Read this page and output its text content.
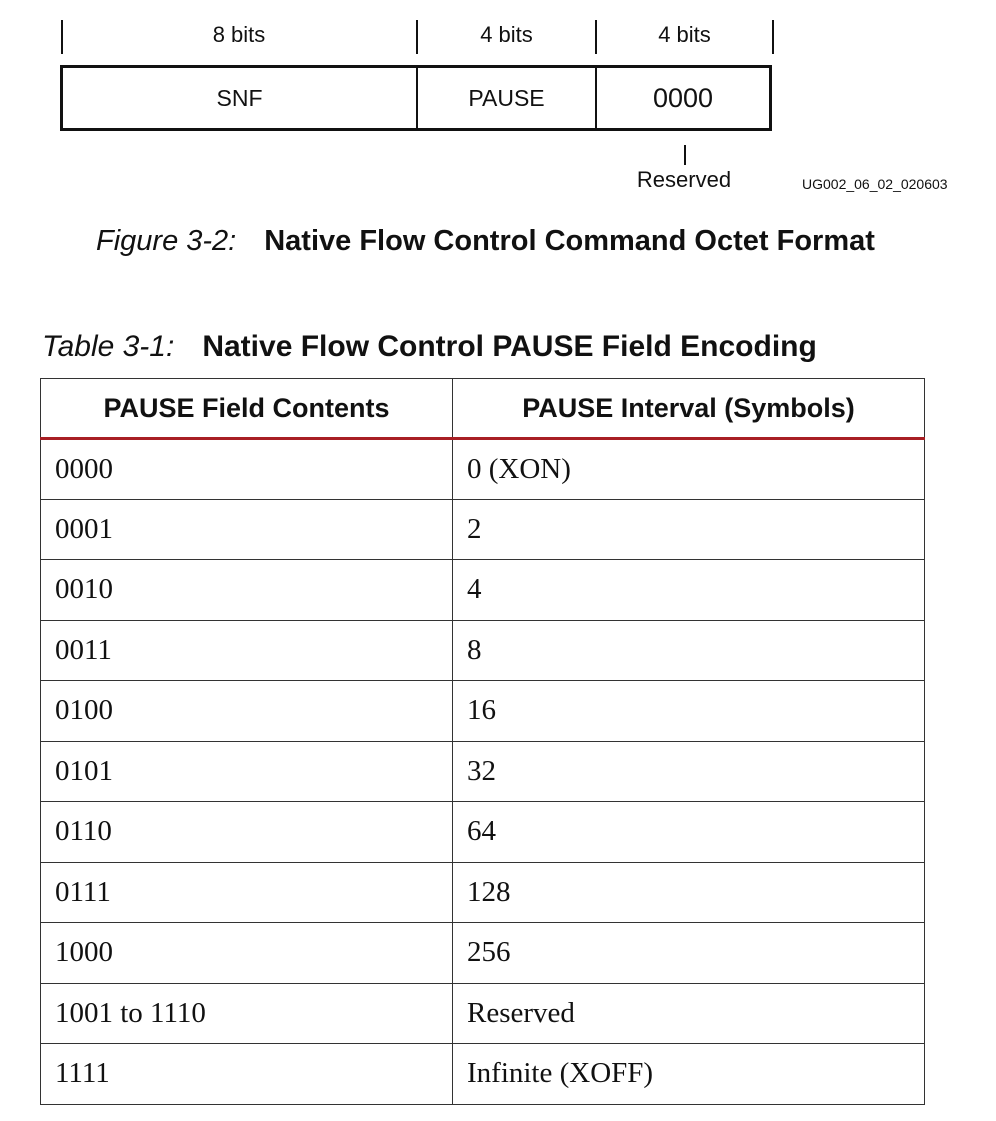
8 bits	4 bits	4 bits
SNF	PAUSE	0000
Reserved	UG002_06_02_020603
Figure 3-2: Native Flow Control Command Octet Format
Table 3-1: Native Flow Control PAUSE Field Encoding
PAUSE Field Contents	PAUSE Interval (Symbols)
0000	0 (XON)
0001	2
0010	4
0011	8
0100	16
0101	32
0110	64
0111	128
1000	256
1001 to 1110	Reserved
1111	Infinite (XOFF)
